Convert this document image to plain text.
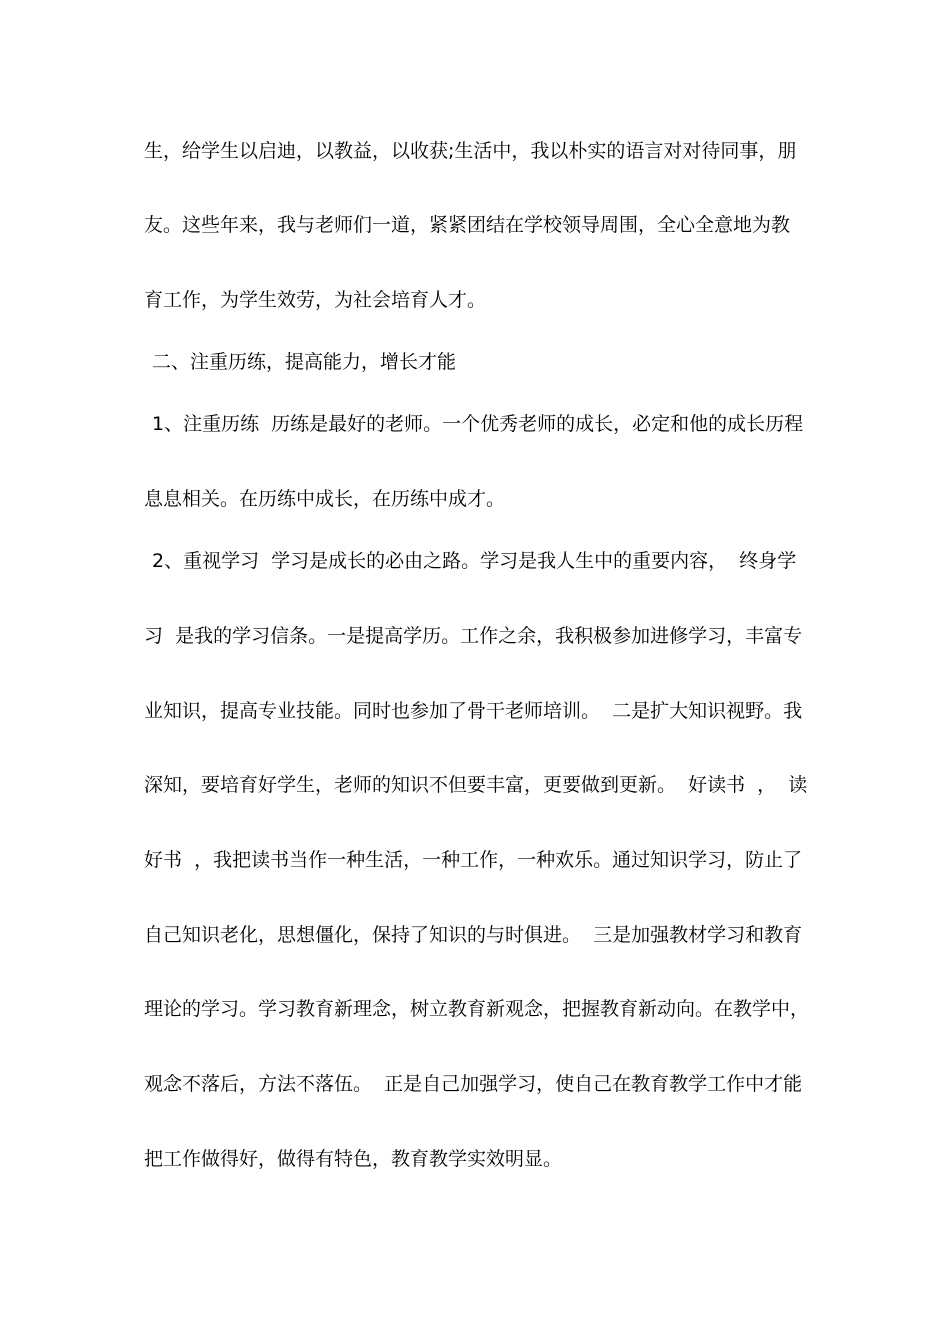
生，给学生以启迪，以教益，以收获;生活中，我以朴实的语言对对待同事，朋
友。这些年来，我与老师们一道，紧紧团结在学校领导周围，全心全意地为教
育工作，为学生效劳，为社会培育人才。
二、注重历练，提高能力，增长才能
1、注重历练  历练是最好的老师。一个优秀老师的成长，必定和他的成长历程
息息相关。在历练中成长，在历练中成才。
2、重视学习  学习是成长的必由之路。学习是我人生中的重要内容，  终身学
习  是我的学习信条。一是提高学历。工作之余，我积极参加进修学习，丰富专
业知识，提高专业技能。同时也参加了骨干老师培训。  二是扩大知识视野。我
深知，要培育好学生，老师的知识不但要丰富，更要做到更新。  好读书  ，  读
好书  ，我把读书当作一种生活，一种工作，一种欢乐。通过知识学习，防止了
自己知识老化，思想僵化，保持了知识的与时俱进。  三是加强教材学习和教育
理论的学习。学习教育新理念，树立教育新观念，把握教育新动向。在教学中，
观念不落后，方法不落伍。  正是自己加强学习，使自己在教育教学工作中才能
把工作做得好，做得有特色，教育教学实效明显。
